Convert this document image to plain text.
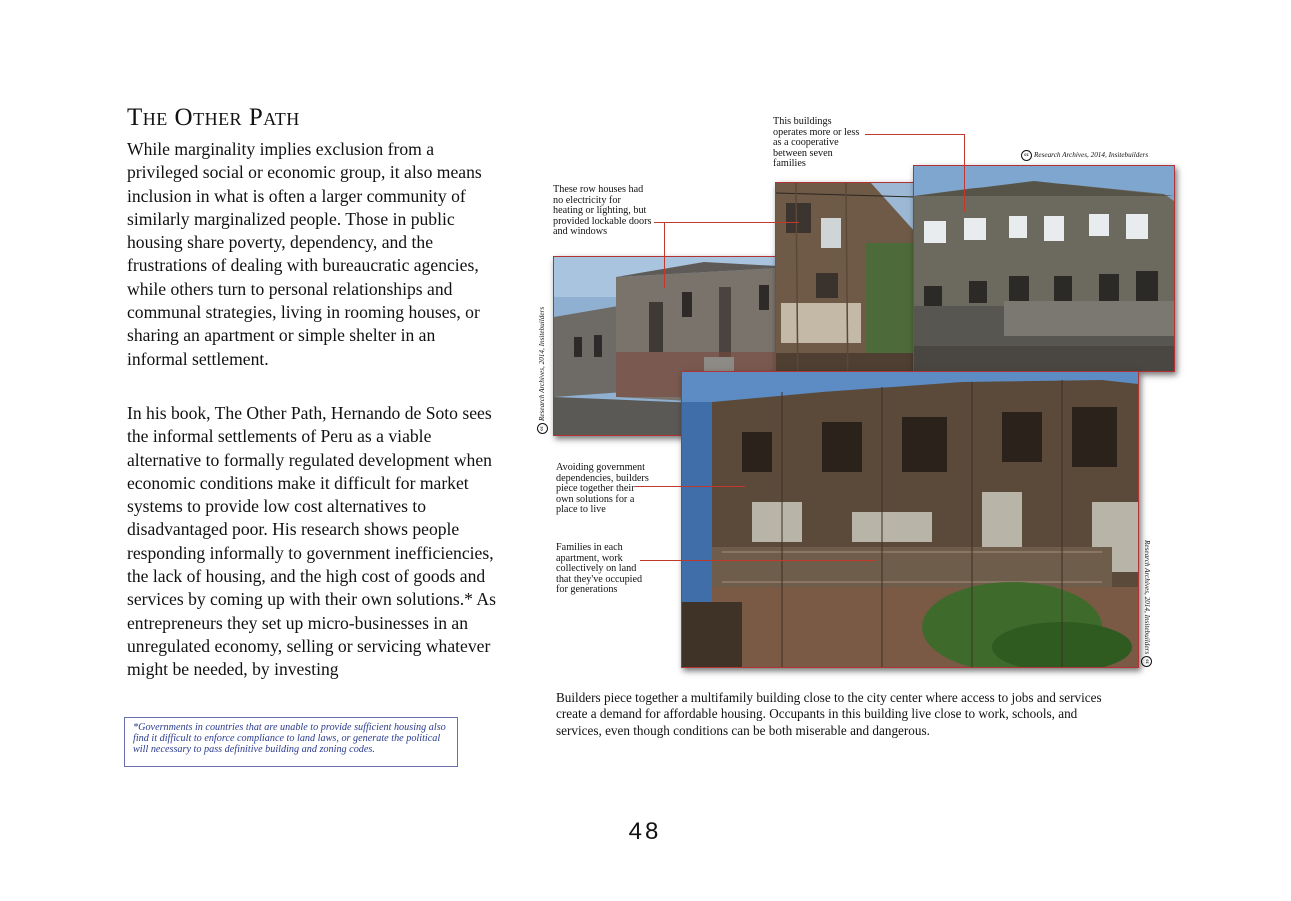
The Other Path

While marginality implies exclusion from a privileged social or economic group, it also means inclusion in what is often a larger community of similarly marginalized people. Those in public housing share poverty, dependency, and the frustrations of dealing with bureaucratic agencies, while others turn to personal relationships and communal strategies, living in rooming houses, or sharing an apartment or simple shelter in an informal settlement.

In his book, The Other Path, Hernando de Soto sees the informal settlements of Peru as a viable alternative to formally regulated development when economic conditions make it difficult for market systems to provide low cost alternatives to disadvantaged poor. His research shows people responding informally to government inefficiencies, the lack of housing, and the high cost of goods and services by coming up with their own solutions.* As entrepreneurs they set up micro-businesses in an unregulated economy, selling or servicing whatever might be needed, by investing

*Governments in countries that are unable to provide sufficient housing also find it difficult to enforce compliance to land laws, or generate the political will necessary to pass definitive building and zoning codes.
This buildings operates more or less as a cooperative between seven families
These row houses had no electricity for heating or lighting, but provided lockable doors and windows
Avoiding government dependencies, builders piece together their own solutions for a place to live
Families in each apartment, work collectively on land that they've occupied for generations
cc Research Archives, 2014, Insitebuilders
ccResearch Archives, 2014, Insitebuilders
Research Archives, 2014, Insitebuilderscc

Builders piece together a multifamily building close to the city center where access to jobs and services create a demand for affordable housing. Occupants in this building live close to work, schools, and services, even though conditions can be both miserable and dangerous.

48
